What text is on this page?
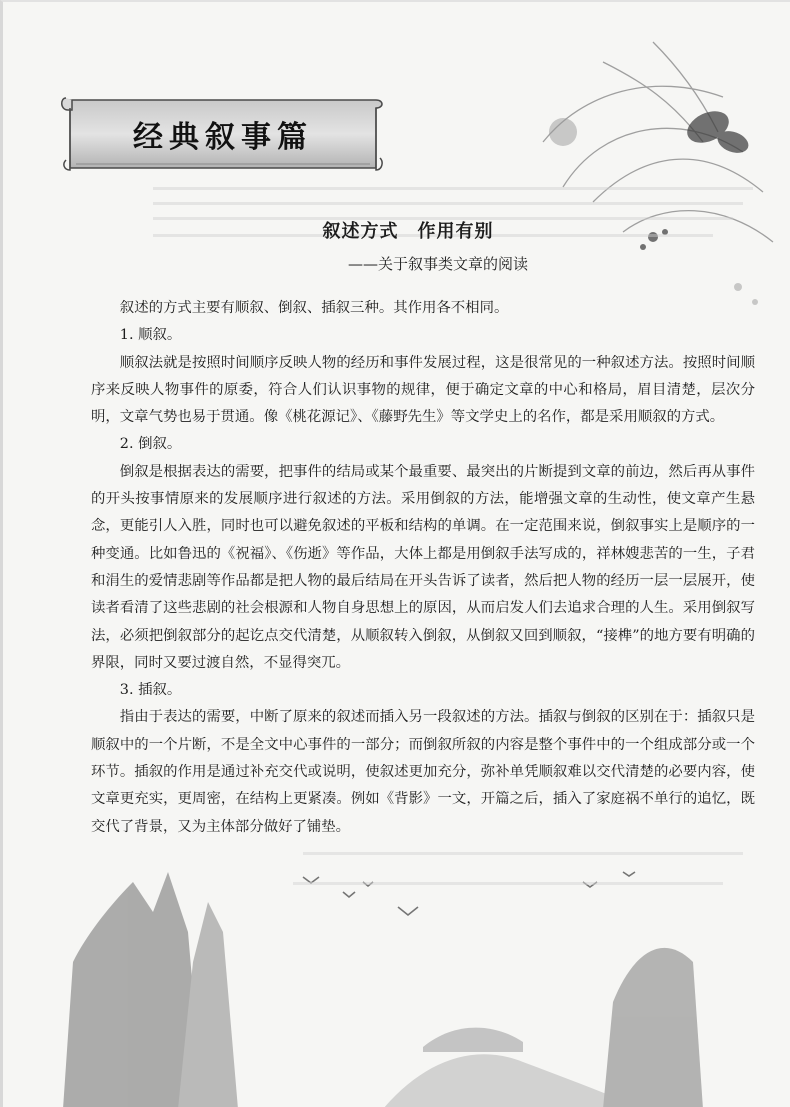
经典叙事篇
叙述方式　作用有别
——关于叙事类文章的阅读

叙述的方式主要有顺叙、倒叙、插叙三种。其作用各不相同。

1. 顺叙。

顺叙法就是按照时间顺序反映人物的经历和事件发展过程，这是很常见的一种叙述方法。按照时间顺序来反映人物事件的原委，符合人们认识事物的规律，便于确定文章的中心和格局，眉目清楚，层次分明，文章气势也易于贯通。像《桃花源记》、《藤野先生》等文学史上的名作，都是采用顺叙的方式。

2. 倒叙。

倒叙是根据表达的需要，把事件的结局或某个最重要、最突出的片断提到文章的前边，然后再从事件的开头按事情原来的发展顺序进行叙述的方法。采用倒叙的方法，能增强文章的生动性，使文章产生悬念，更能引人入胜，同时也可以避免叙述的平板和结构的单调。在一定范围来说，倒叙事实上是顺序的一种变通。比如鲁迅的《祝福》、《伤逝》等作品，大体上都是用倒叙手法写成的，祥林嫂悲苦的一生，子君和涓生的爱情悲剧等作品都是把人物的最后结局在开头告诉了读者，然后把人物的经历一层一层展开，使读者看清了这些悲剧的社会根源和人物自身思想上的原因，从而启发人们去追求合理的人生。采用倒叙写法，必须把倒叙部分的起讫点交代清楚，从顺叙转入倒叙，从倒叙又回到顺叙，“接榫”的地方要有明确的界限，同时又要过渡自然，不显得突兀。

3. 插叙。

指由于表达的需要，中断了原来的叙述而插入另一段叙述的方法。插叙与倒叙的区别在于：插叙只是顺叙中的一个片断，不是全文中心事件的一部分；而倒叙所叙的内容是整个事件中的一个组成部分或一个环节。插叙的作用是通过补充交代或说明，使叙述更加充分，弥补单凭顺叙难以交代清楚的必要内容，使文章更充实，更周密，在结构上更紧凑。例如《背影》一文，开篇之后，插入了家庭祸不单行的追忆，既交代了背景，又为主体部分做好了铺垫。
